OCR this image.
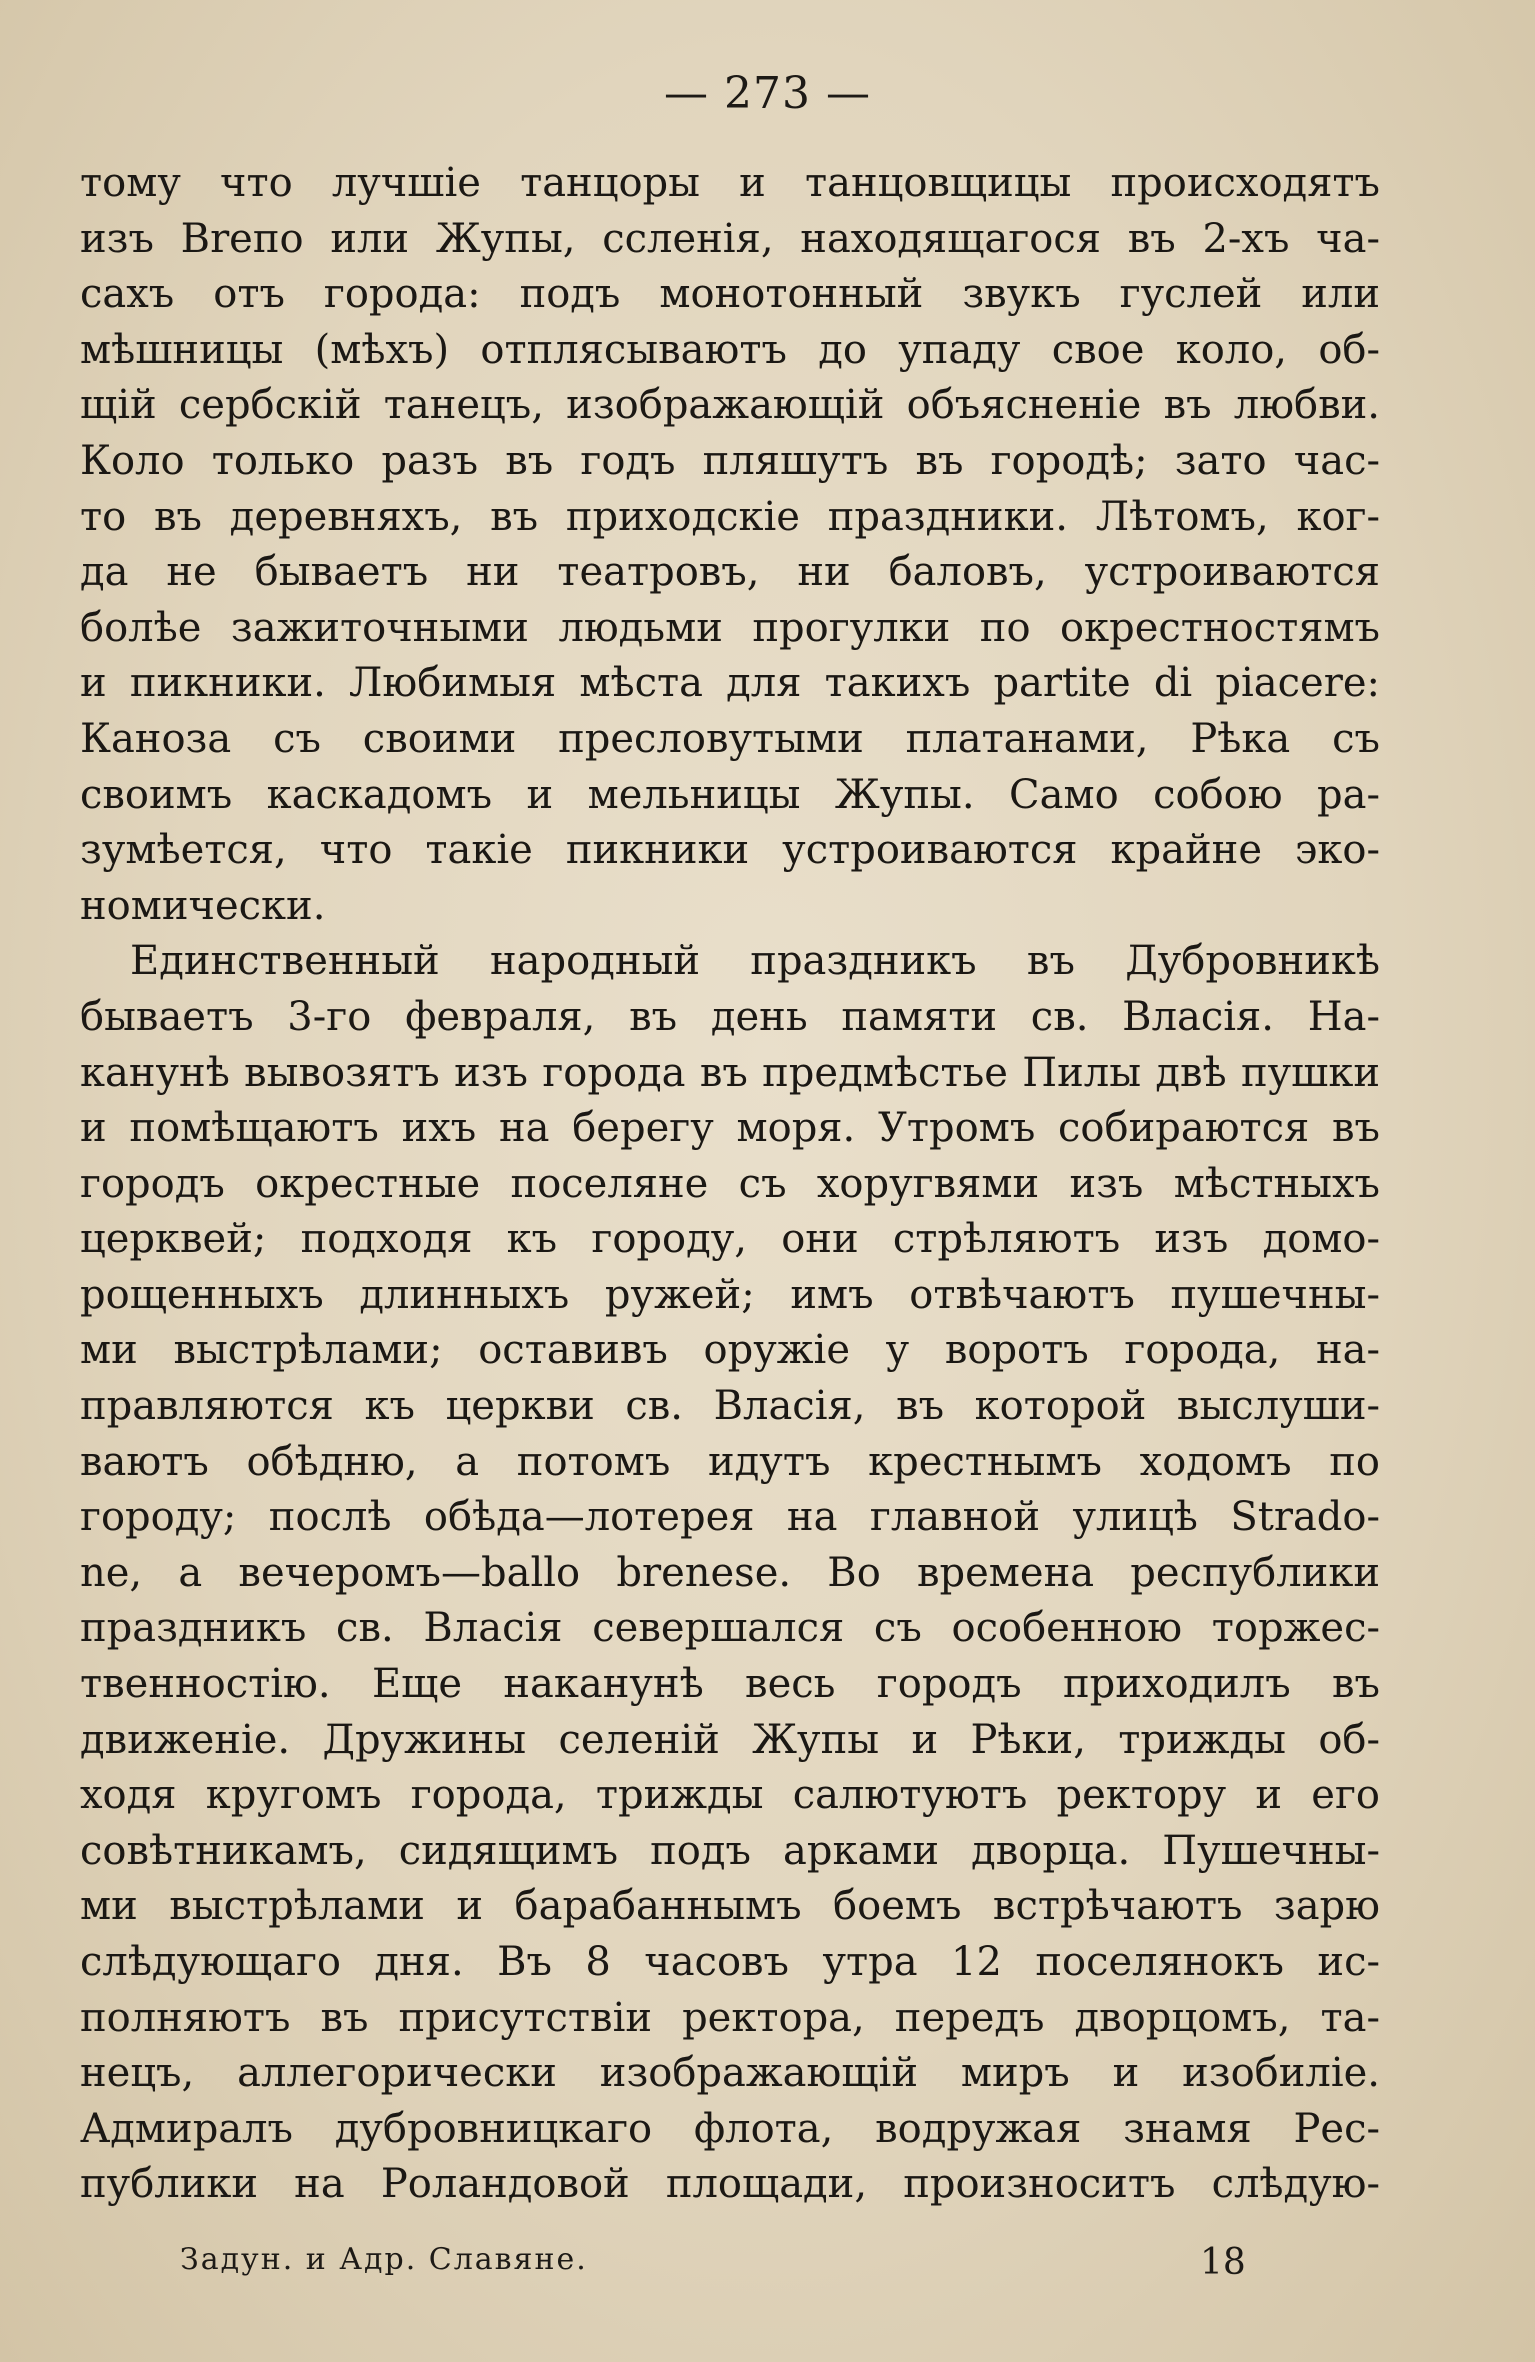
— 273 —
тому что лучшіе танцоры и танцовщицы происходятъ
изъ Brепо или Жупы, ссленія, находящагося въ 2-хъ ча-
сахъ отъ города: подъ монотонный звукъ гуслей или
мѣшницы (мѣхъ) отплясываютъ до упаду свое коло, об-
щій сербскій танецъ, изображающій объясненіе въ любви.
Коло только разъ въ годъ пляшутъ въ городѣ; зато час-
то въ деревняхъ, въ приходскіе праздники. Лѣтомъ, ког-
да не бываетъ ни театровъ, ни баловъ, устроиваются
болѣе зажиточными людьми прогулки по окрестностямъ
и пикники. Любимыя мѣста для такихъ partite di piacere:
Каноза съ своими пресловутыми платанами, Рѣка съ
своимъ каскадомъ и мельницы Жупы. Само собою ра-
зумѣется, что такіе пикники устроиваются крайне эко-
номически.
Единственный народный праздникъ въ Дубровникѣ
бываетъ 3-го февраля, въ день памяти св. Власія. На-
канунѣ вывозятъ изъ города въ предмѣстье Пилы двѣ пушки
и помѣщаютъ ихъ на берегу моря. Утромъ собираются въ
городъ окрестные поселяне съ хоругвями изъ мѣстныхъ
церквей; подходя къ городу, они стрѣляютъ изъ домо-
рощенныхъ длинныхъ ружей; имъ отвѣчаютъ пушечны-
ми выстрѣлами; оставивъ оружіе у воротъ города, на-
правляются къ церкви св. Власія, въ которой выслуши-
ваютъ обѣдню, а потомъ идутъ крестнымъ ходомъ по
городу; послѣ обѣда—лотерея на главной улицѣ Strado-
ne, а вечеромъ—ballo brenese. Во времена республики
праздникъ св. Власія севершался съ особенною торжес-
твенностію. Еще наканунѣ весь городъ приходилъ въ
движеніе. Дружины селеній Жупы и Рѣки, трижды об-
ходя кругомъ города, трижды салютуютъ ректору и его
совѣтникамъ, сидящимъ подъ арками дворца. Пушечны-
ми выстрѣлами и барабаннымъ боемъ встрѣчаютъ зарю
слѣдующаго дня. Въ 8 часовъ утра 12 поселянокъ ис-
полняютъ въ присутствіи ректора, передъ дворцомъ, та-
нецъ, аллегорически изображающій миръ и изобиліе.
Адмиралъ дубровницкаго флота, водружая знамя Рес-
публики на Роландовой площади, произноситъ слѣдую-
Задун. и Адр. Славяне.	18
